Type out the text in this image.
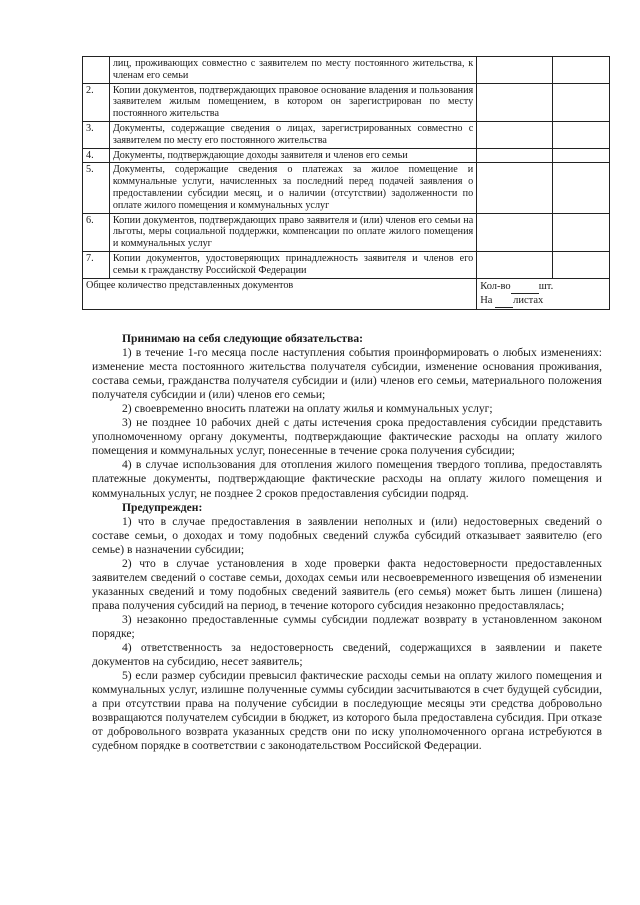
	лиц, проживающих совместно с заявителем по месту постоянного жительства, к членам его семьи		
2.	Копии документов, подтверждающих правовое основание владения и пользования заявителем жилым помещением, в котором он зарегистрирован по месту постоянного жительства		
3.	Документы, содержащие сведения о лицах, зарегистрированных совместно с заявителем по месту его постоянного жительства		
4.	Документы, подтверждающие доходы заявителя и членов его семьи		
5.	Документы, содержащие сведения о платежах за жилое помещение и коммунальные услуги, начисленных за последний перед подачей заявления о предоставлении субсидии месяц, и о наличии (отсутствии) задолженности по оплате жилого помещения и коммунальных услуг		
6.	Копии документов, подтверждающих право заявителя и (или) членов его семьи на льготы, меры социальной поддержки, компенсации по оплате жилого помещения и коммунальных услуг		
7.	Копии документов, удостоверяющих принадлежность заявителя и членов его семьи к гражданству Российской Федерации		
Общее количество представленных документов		Кол-во шт.
На листах	
Принимаю на себя следующие обязательства:

1) в течение 1-го месяца после наступления события проинформировать о любых изменениях: изменение места постоянного жительства получателя субсидии, изменение основания проживания, состава семьи, гражданства получателя субсидии и (или) членов его семьи, материального положения получателя субсидии и (или) членов его семьи;

2) своевременно вносить платежи на оплату жилья и коммунальных услуг;

3) не позднее 10 рабочих дней с даты истечения срока предоставления субсидии представить уполномоченному органу документы, подтверждающие фактические расходы на оплату жилого помещения и коммунальных услуг, понесенные в течение срока получения субсидии;

4) в случае использования для отопления жилого помещения твердого топлива, предоставлять платежные документы, подтверждающие фактические расходы на оплату жилого помещения и коммунальных услуг, не позднее 2 сроков предоставления субсидии подряд.

Предупрежден:

1) что в случае предоставления в заявлении неполных и (или) недостоверных сведений о составе семьи, о доходах и тому подобных сведений служба субсидий отказывает заявителю (его семье) в назначении субсидии;

2) что в случае установления в ходе проверки факта недостоверности предоставленных заявителем сведений о составе семьи, доходах семьи или несвоевременного извещения об изменении указанных сведений и тому подобных сведений заявитель (его семья) может быть лишен (лишена) права получения субсидий на период, в течение которого субсидия незаконно предоставлялась;

3) незаконно предоставленные суммы субсидии подлежат возврату в установленном законом порядке;

4) ответственность за недостоверность сведений, содержащихся в заявлении и пакете документов на субсидию, несет заявитель;

5) если размер субсидии превысил фактические расходы семьи на оплату жилого помещения и коммунальных услуг, излишне полученные суммы субсидии засчитываются в счет будущей субсидии, а при отсутствии права на получение субсидии в последующие месяцы эти средства добровольно возвращаются получателем субсидии в бюджет, из которого была предоставлена субсидия. При отказе от добровольного возврата указанных средств они по иску уполномоченного органа истребуются в судебном порядке в соответствии с законодательством Российской Федерации.
